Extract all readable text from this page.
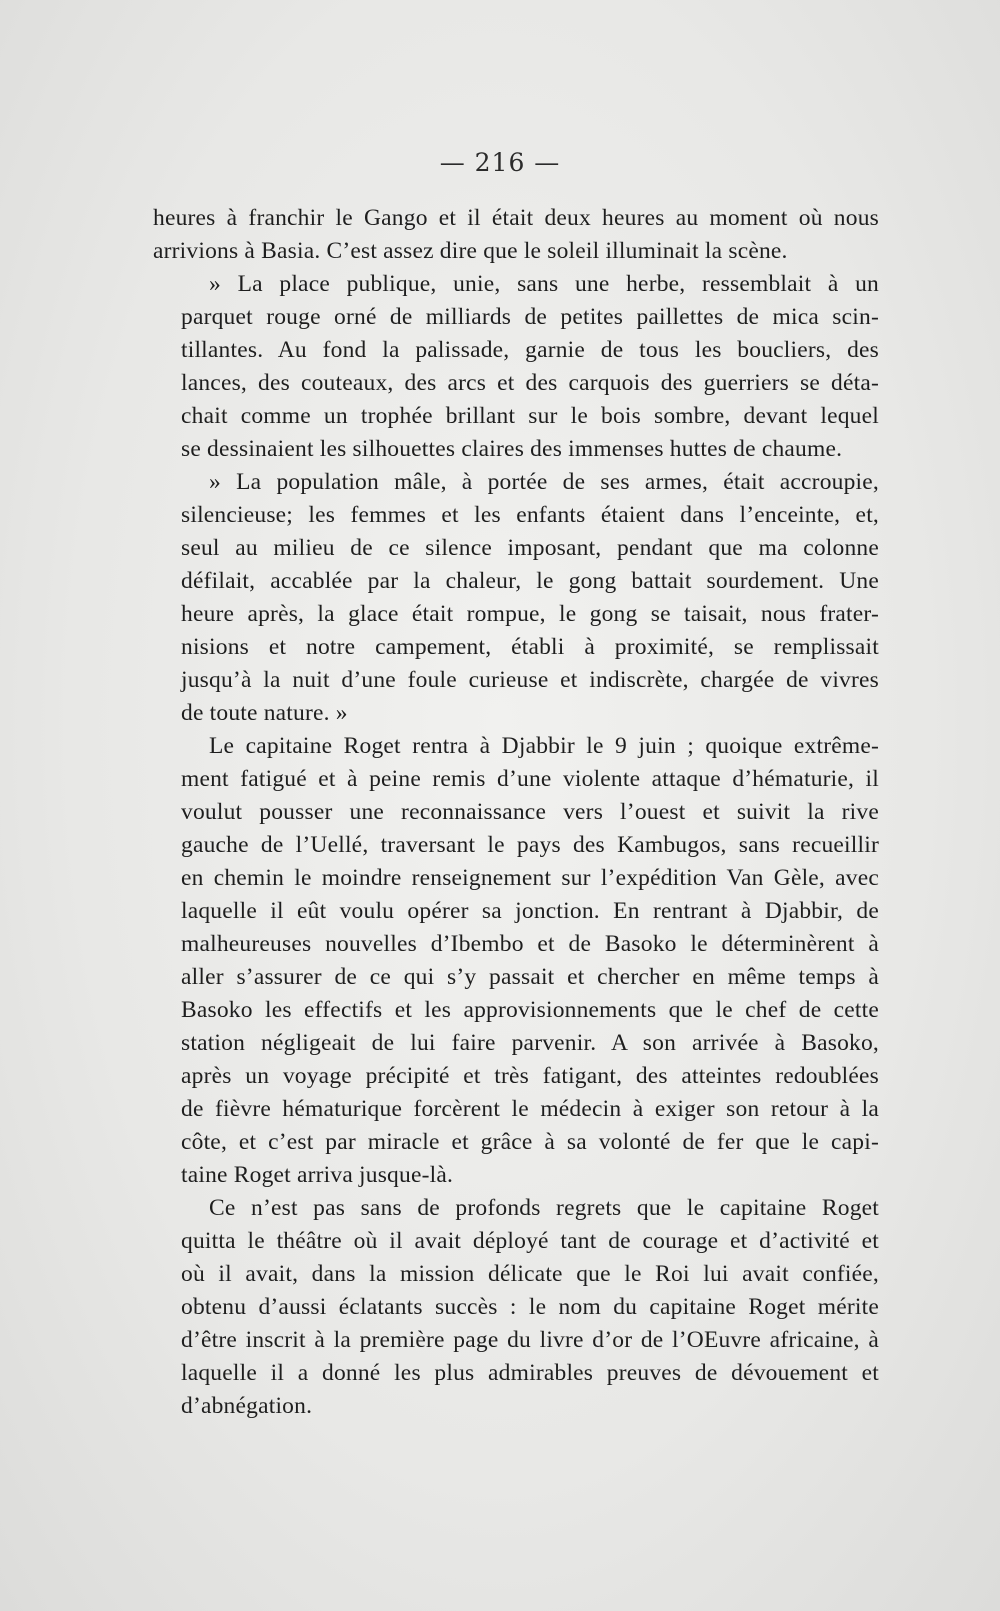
— 216 —
heures à franchir le Gango et il était deux heures au moment où nous
arrivions à Basia. C’est assez dire que le soleil illuminait la scène.
» La place publique, unie, sans une herbe, ressemblait à un
parquet rouge orné de milliards de petites paillettes de mica scin-
tillantes. Au fond la palissade, garnie de tous les boucliers, des
lances, des couteaux, des arcs et des carquois des guerriers se déta-
chait comme un trophée brillant sur le bois sombre, devant lequel
se dessinaient les silhouettes claires des immenses huttes de chaume.
» La population mâle, à portée de ses armes, était accroupie,
silencieuse; les femmes et les enfants étaient dans l’enceinte, et,
seul au milieu de ce silence imposant, pendant que ma colonne
défilait, accablée par la chaleur, le gong battait sourdement. Une
heure après, la glace était rompue, le gong se taisait, nous frater-
nisions et notre campement, établi à proximité, se remplissait
jusqu’à la nuit d’une foule curieuse et indiscrète, chargée de vivres
de toute nature. »
Le capitaine Roget rentra à Djabbir le 9 juin ; quoique extrême-
ment fatigué et à peine remis d’une violente attaque d’hématurie, il
voulut pousser une reconnaissance vers l’ouest et suivit la rive
gauche de l’Uellé, traversant le pays des Kambugos, sans recueillir
en chemin le moindre renseignement sur l’expédition Van Gèle, avec
laquelle il eût voulu opérer sa jonction. En rentrant à Djabbir, de
malheureuses nouvelles d’Ibembo et de Basoko le déterminèrent à
aller s’assurer de ce qui s’y passait et chercher en même temps à
Basoko les effectifs et les approvisionnements que le chef de cette
station négligeait de lui faire parvenir. A son arrivée à Basoko,
après un voyage précipité et très fatigant, des atteintes redoublées
de fièvre hématurique forcèrent le médecin à exiger son retour à la
côte, et c’est par miracle et grâce à sa volonté de fer que le capi-
taine Roget arriva jusque-là.
Ce n’est pas sans de profonds regrets que le capitaine Roget
quitta le théâtre où il avait déployé tant de courage et d’activité et
où il avait, dans la mission délicate que le Roi lui avait confiée,
obtenu d’aussi éclatants succès : le nom du capitaine Roget mérite
d’être inscrit à la première page du livre d’or de l’OEuvre africaine, à
laquelle il a donné les plus admirables preuves de dévouement et
d’abnégation.
